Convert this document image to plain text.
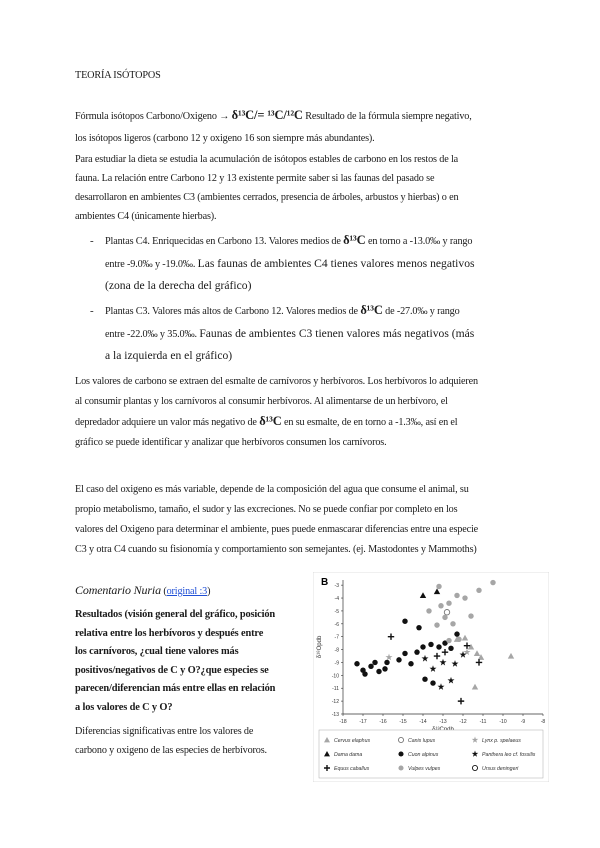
TEORÍA ISÓTOPOS
Fórmula isótopos Carbono/Oxigeno → δ¹³C/= ¹³C/¹²C Resultado de la fórmula siempre negativo,
los isótopos ligeros (carbono 12 y oxigeno 16 son siempre más abundantes).
Para estudiar la dieta se estudia la acumulación de isótopos estables de carbono en los restos de la
fauna. La relación entre Carbono 12 y 13 existente permite saber si las faunas del pasado se
desarrollaron en ambientes C3 (ambientes cerrados, presencia de árboles, arbustos y hierbas) o en
ambientes C4 (únicamente hierbas).
- Plantas C4. Enriquecidas en Carbono 13. Valores medios de δ¹³C en torno a -13.0‰ y rango
entre -9.0‰ y -19.0‰. Las faunas de ambientes C4 tienes valores menos negativos
(zona de la derecha del gráfico)
- Plantas C3. Valores más altos de Carbono 12. Valores medios de δ¹³C de -27.0‰ y rango
entre -22.0‰ y 35.0‰. Faunas de ambientes C3 tienen valores más negativos (más
a la izquierda en el gráfico)
Los valores de carbono se extraen del esmalte de carnívoros y herbívoros. Los herbívoros lo adquieren
al consumir plantas y los carnívoros al consumir herbívoros. Al alimentarse de un herbívoro, el
depredador adquiere un valor más negativo de δ¹³C en su esmalte, de en torno a -1.3‰, así en el
gráfico se puede identificar y analizar que herbívoros consumen los carnívoros.
El caso del oxigeno es más variable, depende de la composición del agua que consume el animal, su
propio metabolismo, tamaño, el sudor y las excreciones. No se puede confiar por completo en los
valores del Oxigeno para determinar el ambiente, pues puede enmascarar diferencias entre una especie
C3 y otra C4 cuando su fisionomía y comportamiento son semejantes. (ej. Mastodontes y Mammoths)
Comentario Nuria (original :3)
Resultados (visión general del gráfico, posición
relativa entre los herbívoros y después entre
los carnívoros, ¿cual tiene valores más
positivos/negativos de C y O?¿que especies se
parecen/diferencian más entre ellas en relación
a los valores de C y O?
Diferencias significativas entre los valores de
carbono y oxigeno de las especies de herbívoros.
B
-18	-17	-16	-15	-14	-13	-12	-11	-10	-9	-8
-3
-4
-5
-6
-7
-8
-9
-10
-11
-12
-13
δ¹⁸Opdb
Cervus elaphus	Canis lupus	Lynx p. spelaeus
Dama dama	Cuon alpinus	Panthera leo cf. fossilis
Equus caballus	Vulpes vulpes	Ursus deningeri
